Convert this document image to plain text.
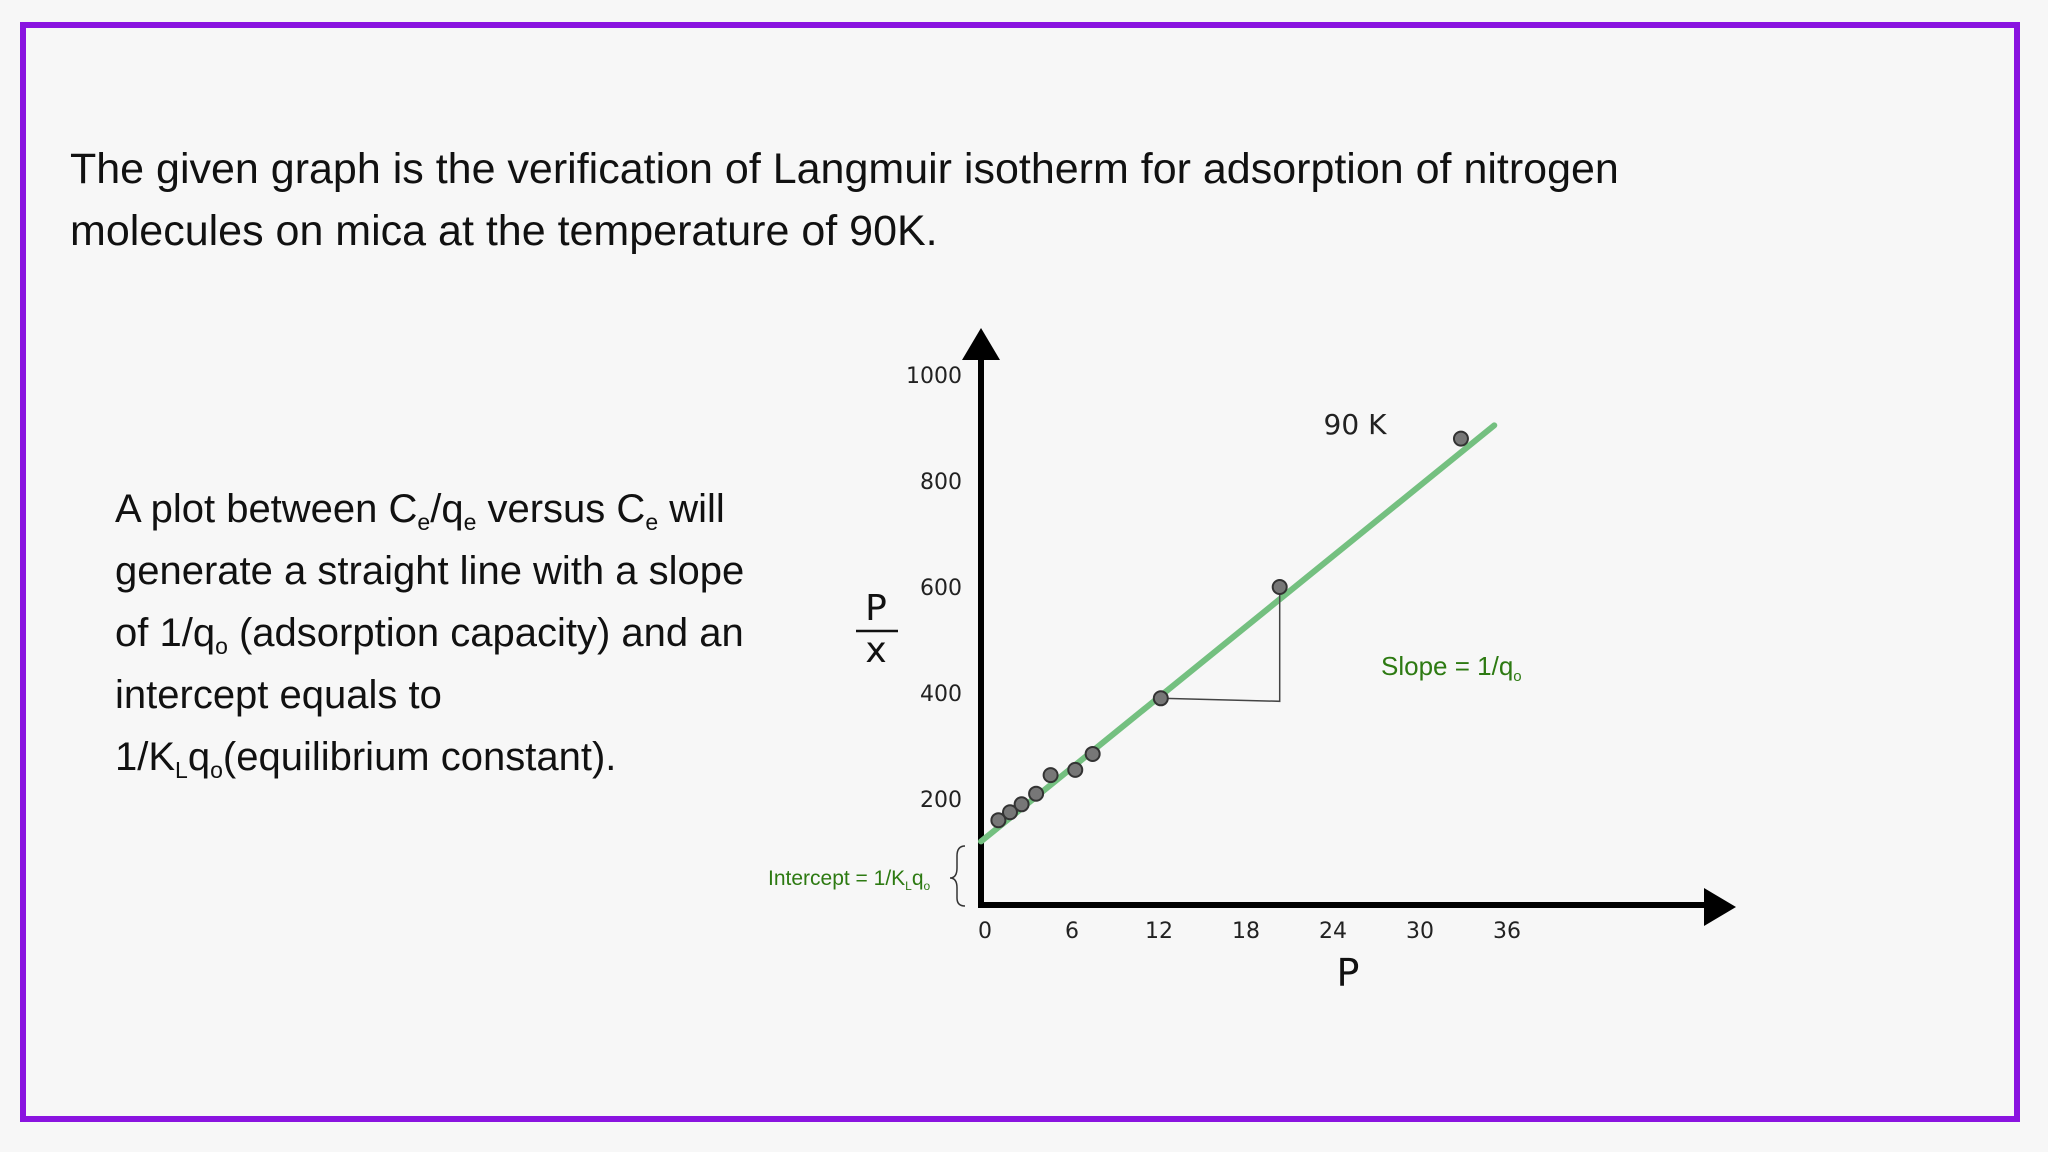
The given graph is the verification of Langmuir isotherm for adsorption of nitrogen
molecules on mica at the temperature of 90K.
A plot between $C_e/q_e$ versus $C_e$ will generate a straight line with a slope of $1/q_o$ (adsorption capacity) and an intercept equals to $1/K_Lq_o(equilibrium$ constant).
0	6	12	18	24	30	36
200
400
600
800
1000
90 K
P
x
P
Slope = $1/q_o$
Intercept = $1/K_Lq_o$
